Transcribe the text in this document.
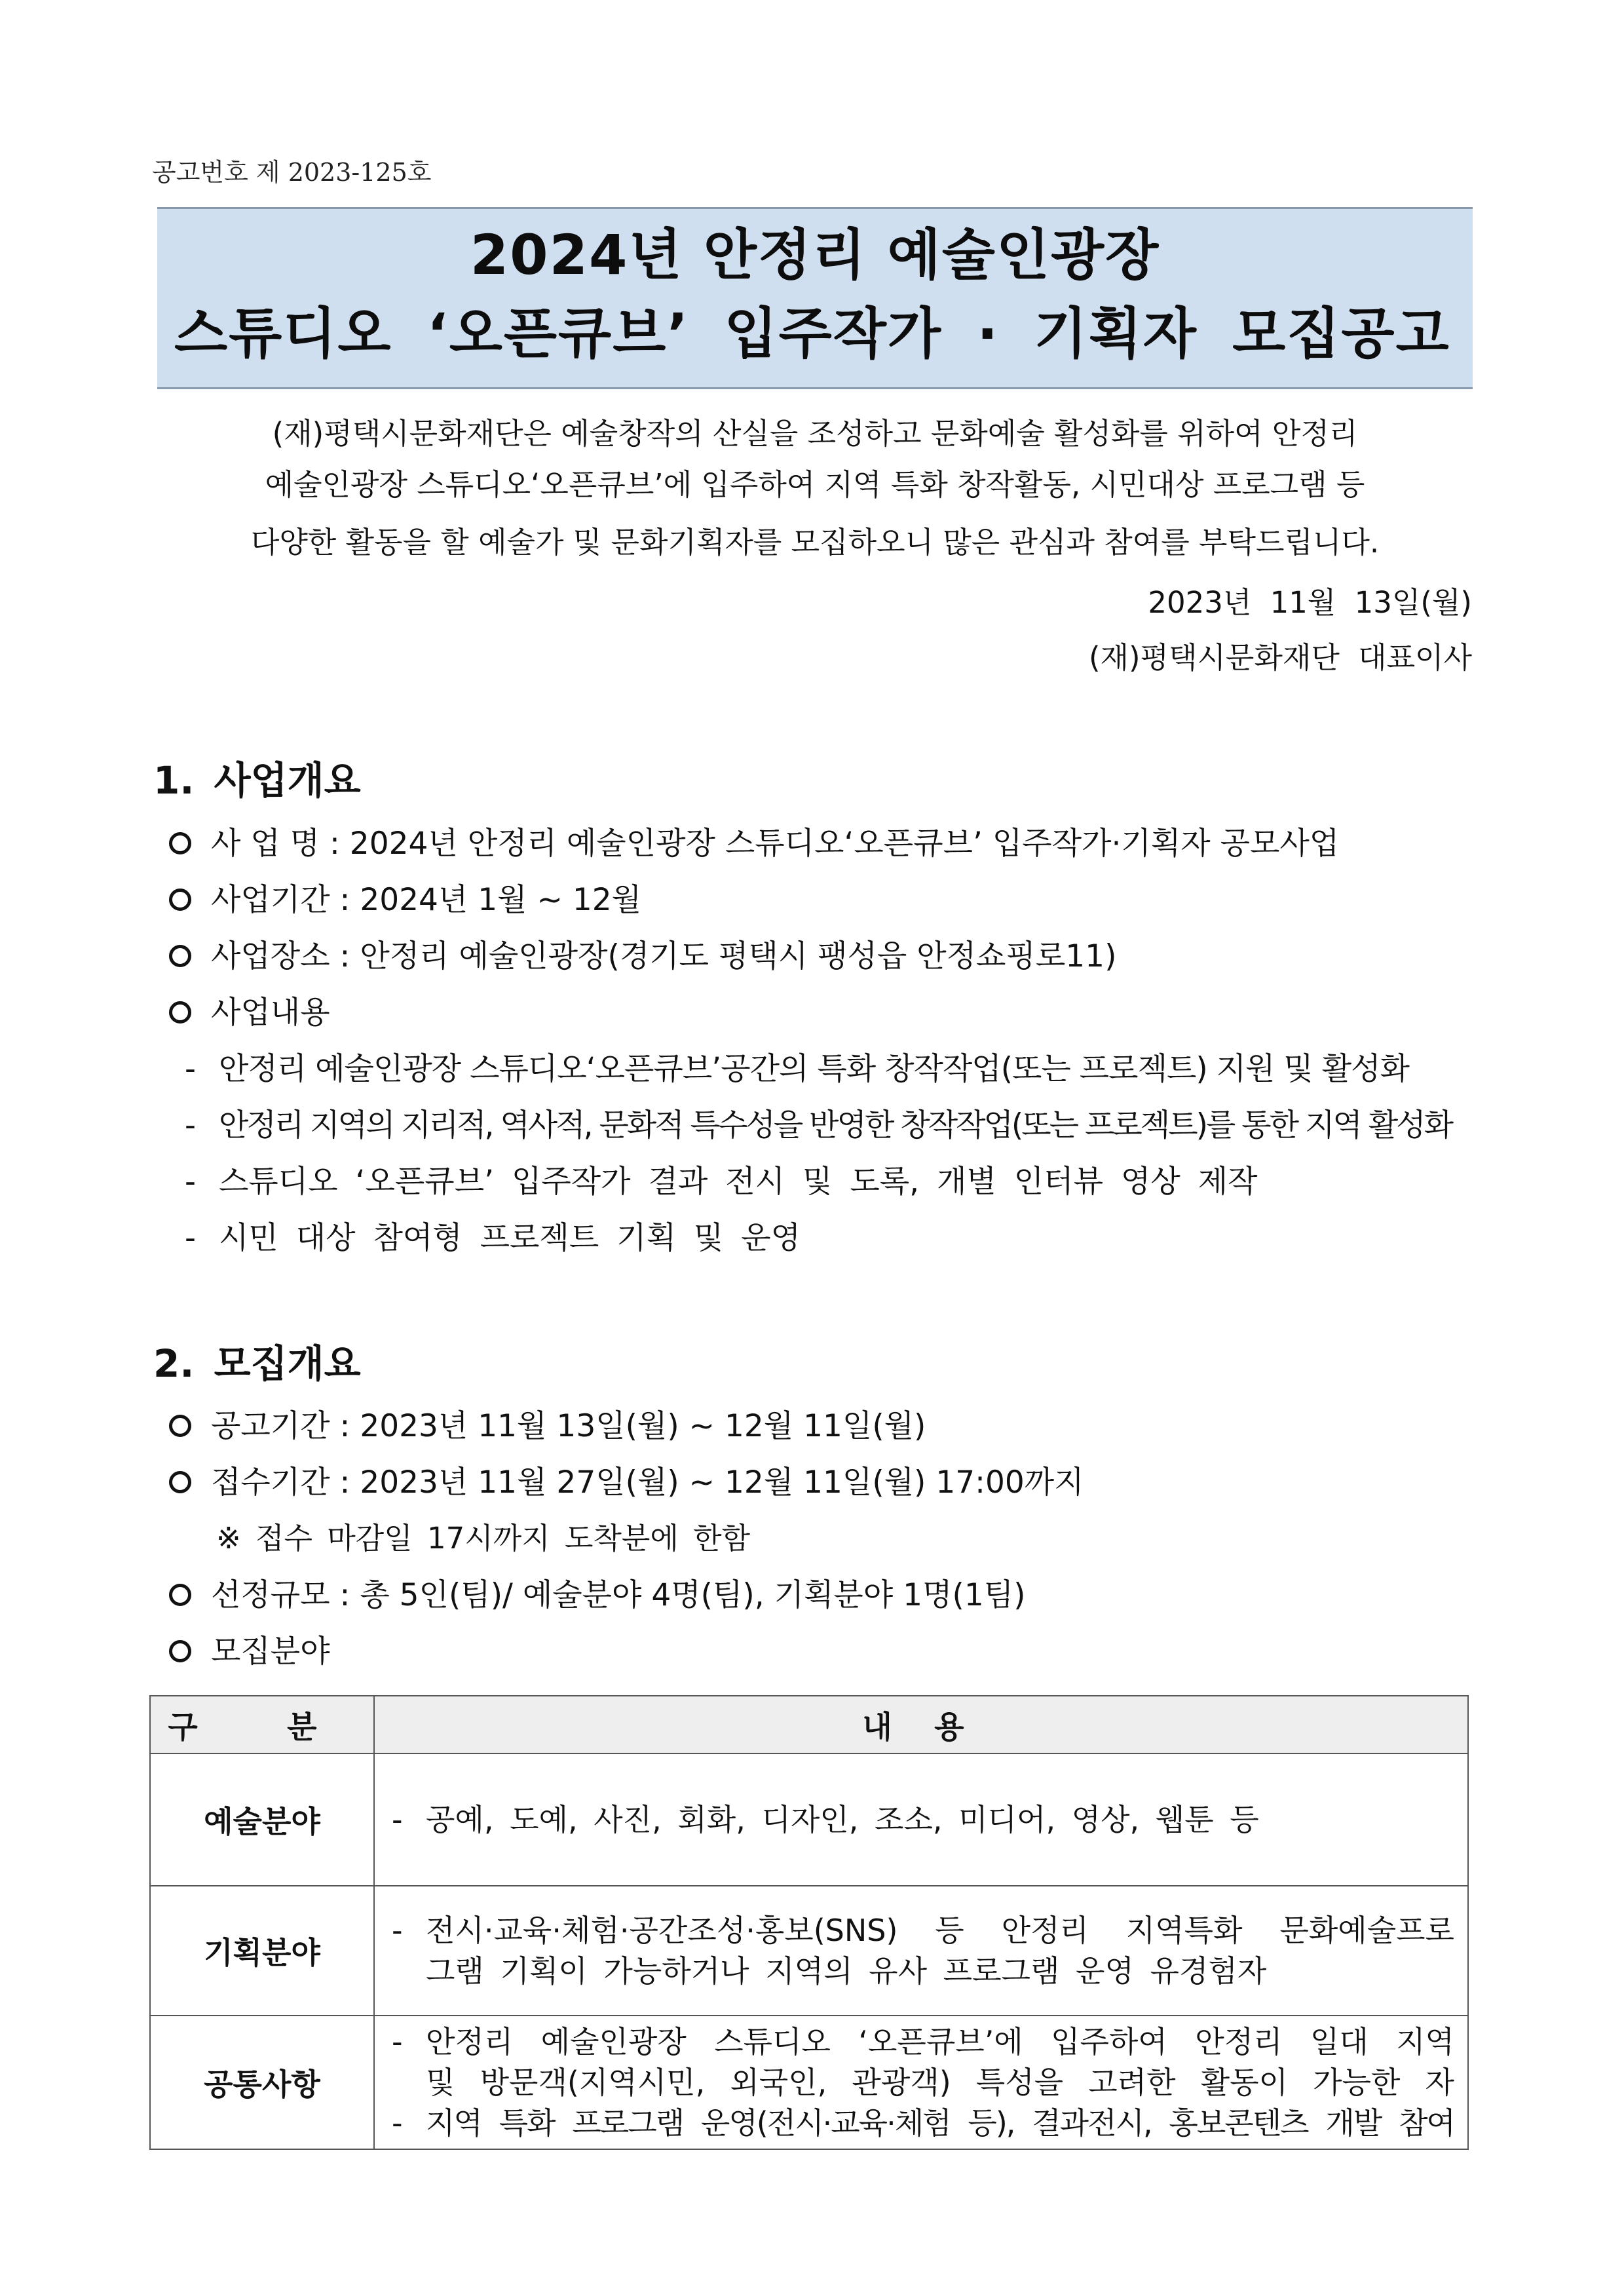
공고번호 제 2023-125호
2024년 안정리 예술인광장
스튜디오 ‘오픈큐브’ 입주작가 · 기획자 모집공고
(재)평택시문화재단은 예술창작의 산실을 조성하고 문화예술 활성화를 위하여 안정리
예술인광장 스튜디오‘오픈큐브’에 입주하여 지역 특화 창작활동, 시민대상 프로그램 등
다양한 활동을 할 예술가 및 문화기획자를 모집하오니 많은 관심과 참여를 부탁드립니다.
2023년 11월 13일(월)
(재)평택시문화재단 대표이사
1. 사업개요
사 업 명 : 2024년 안정리 예술인광장 스튜디오‘오픈큐브’ 입주작가·기획자 공모사업
사업기간 : 2024년 1월 ~ 12월
사업장소 : 안정리 예술인광장(경기도 평택시 팽성읍 안정쇼핑로11)
사업내용
- 안정리 예술인광장 스튜디오‘오픈큐브’공간의 특화 창작작업(또는 프로젝트) 지원 및 활성화
- 안정리 지역의 지리적, 역사적, 문화적 특수성을 반영한 창작작업(또는 프로젝트)를 통한 지역 활성화
- 스튜디오 ‘오픈큐브’ 입주작가 결과 전시 및 도록, 개별 인터뷰 영상 제작
- 시민 대상 참여형 프로젝트 기획 및 운영
2. 모집개요
공고기간 : 2023년 11월 13일(월) ~ 12월 11일(월)
접수기간 : 2023년 11월 27일(월) ~ 12월 11일(월) 17:00까지
※ 접수 마감일 17시까지 도착분에 한함
선정규모 : 총 5인(팀)/ 예술분야 4명(팀), 기획분야 1명(1팀)
모집분야
구 분	내 용
예술분야	- 공예, 도예, 사진, 회화, 디자인, 조소, 미디어, 영상, 웹툰 등

기획분야	- 전시·교육·체험·공간조성·홍보(SNS) 등 안정리 지역특화 문화예술프로
그램 기획이 가능하거나 지역의 유사 프로그램 운영 유경험자

공통사항	- 안정리 예술인광장 스튜디오 ‘오픈큐브’에 입주하여 안정리 일대 지역
및 방문객(지역시민, 외국인, 관광객) 특성을 고려한 활동이 가능한 자
- 지역 특화 프로그램 운영(전시·교육·체험 등), 결과전시, 홍보콘텐츠 개발 참여
